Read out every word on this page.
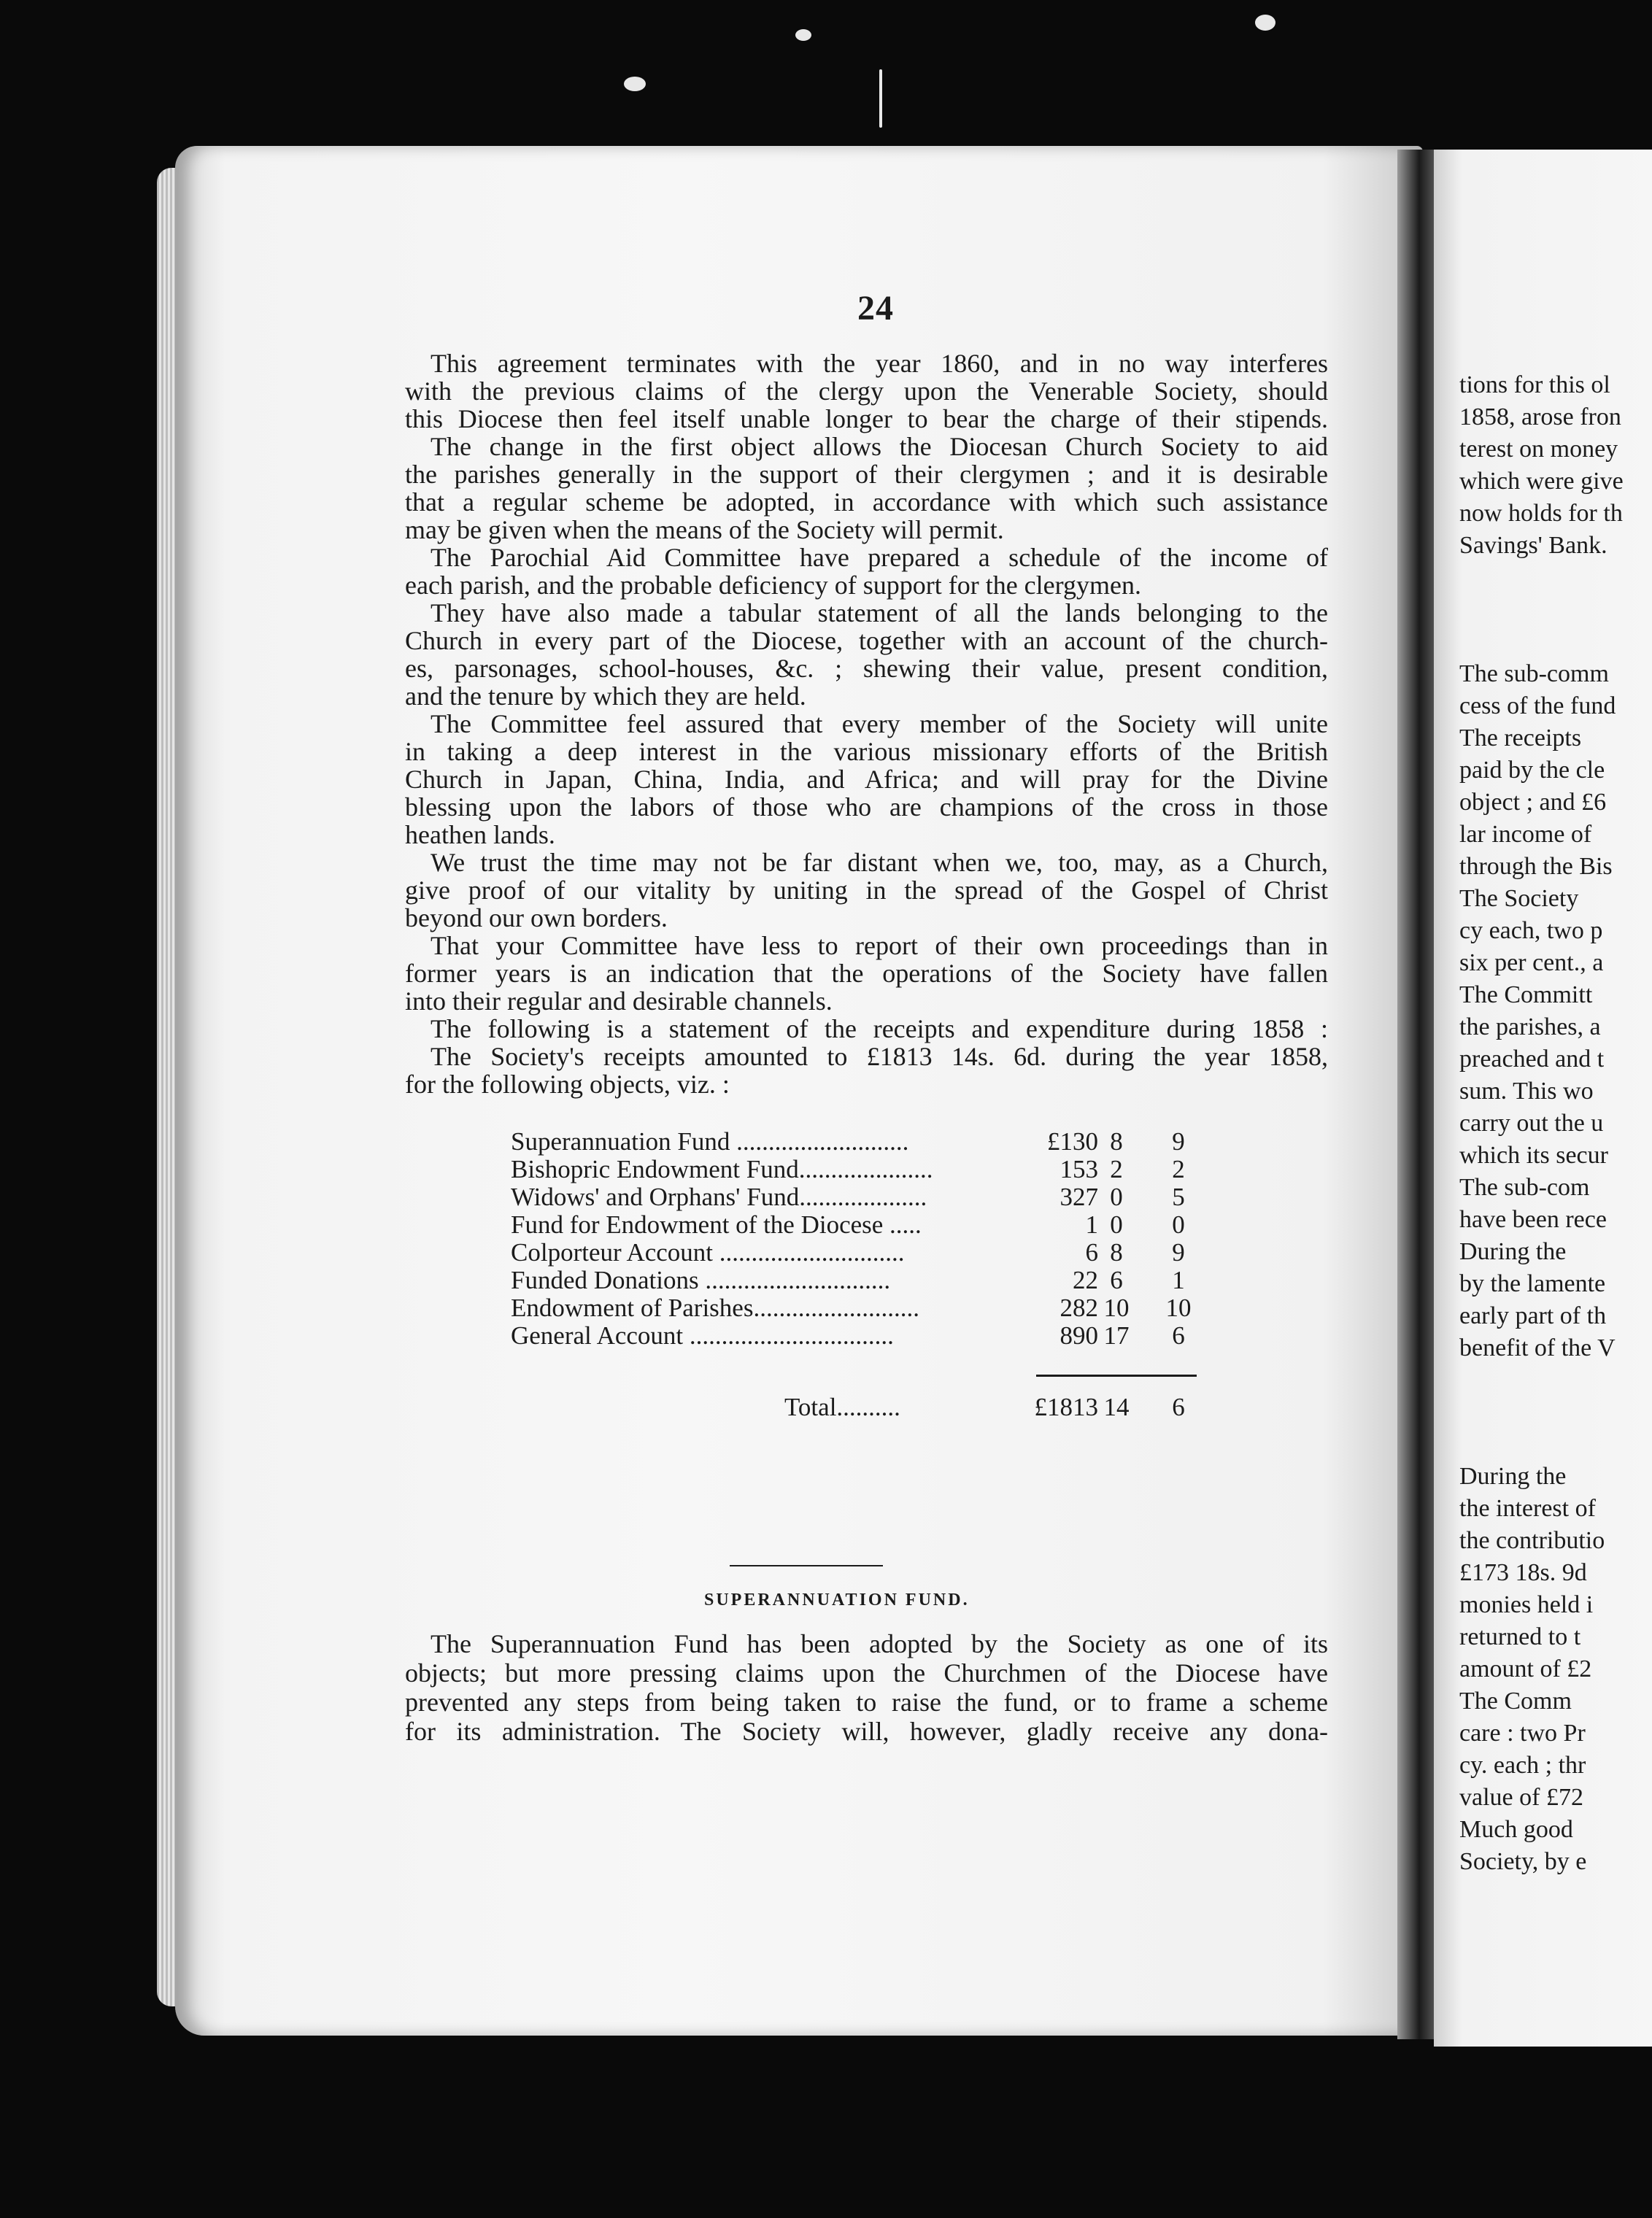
24
This agreement terminates with the year 1860, and in no way interferes
with the previous claims of the clergy upon the Venerable Society, should
this Diocese then feel itself unable longer to bear the charge of their stipends.
The change in the first object allows the Diocesan Church Society to aid
the parishes generally in the support of their clergymen ; and it is desirable
that a regular scheme be adopted, in accordance with which such assistance
may be given when the means of the Society will permit.
The Parochial Aid Committee have prepared a schedule of the income of
each parish, and the probable deficiency of support for the clergymen.
They have also made a tabular statement of all the lands belonging to the
Church in every part of the Diocese, together with an account of the church-
es, parsonages, school-houses, &c. ; shewing their value, present condition,
and the tenure by which they are held.
The Committee feel assured that every member of the Society will unite
in taking a deep interest in the various missionary efforts of the British
Church in Japan, China, India, and Africa; and will pray for the Divine
blessing upon the labors of those who are champions of the cross in those
heathen lands.
We trust the time may not be far distant when we, too, may, as a Church,
give proof of our vitality by uniting in the spread of the Gospel of Christ
beyond our own borders.
That your Committee have less to report of their own proceedings than in
former years is an indication that the operations of the Society have fallen
into their regular and desirable channels.
The following is a statement of the receipts and expenditure during 1858 :
The Society's receipts amounted to £1813 14s. 6d. during the year 1858,
for the following objects, viz. :
Superannuation Fund ...........................	£130 8	9
Bishopric Endowment Fund.....................	153 2	2
Widows' and Orphans' Fund....................	327 0	5
Fund for Endowment of the Diocese .....	1 0	0
Colporteur Account .............................	6 8	9
Funded Donations .............................	22 6	1
Endowment of Parishes..........................	282 10 10
General Account ................................	890 17	6
Total..........	£1813 14	6
SUPERANNUATION FUND.
The Superannuation Fund has been adopted by the Society as one of its
objects; but more pressing claims upon the Churchmen of the Diocese have
prevented any steps from being taken to raise the fund, or to frame a scheme
for its administration. The Society will, however, gladly receive any dona-
tions for this ol
1858, arose fron
terest on money
which were give
now holds for th
Savings' Bank.
The sub-comm
cess of the fund
The receipts
paid by the cle
object ; and £6
lar income of
through the Bis
The Society
cy each, two p
six per cent., a
The Committ
the parishes, a
preached and t
sum. This wo
carry out the u
which its secur
The sub-com
have been rece
During the
by the lamente
early part of th
benefit of the V
During the
the interest of
the contributio
£173 18s. 9d
monies held i
returned to t
amount of £2
The Comm
care : two Pr
cy. each ; thr
value of £72
Much good
Society, by e
